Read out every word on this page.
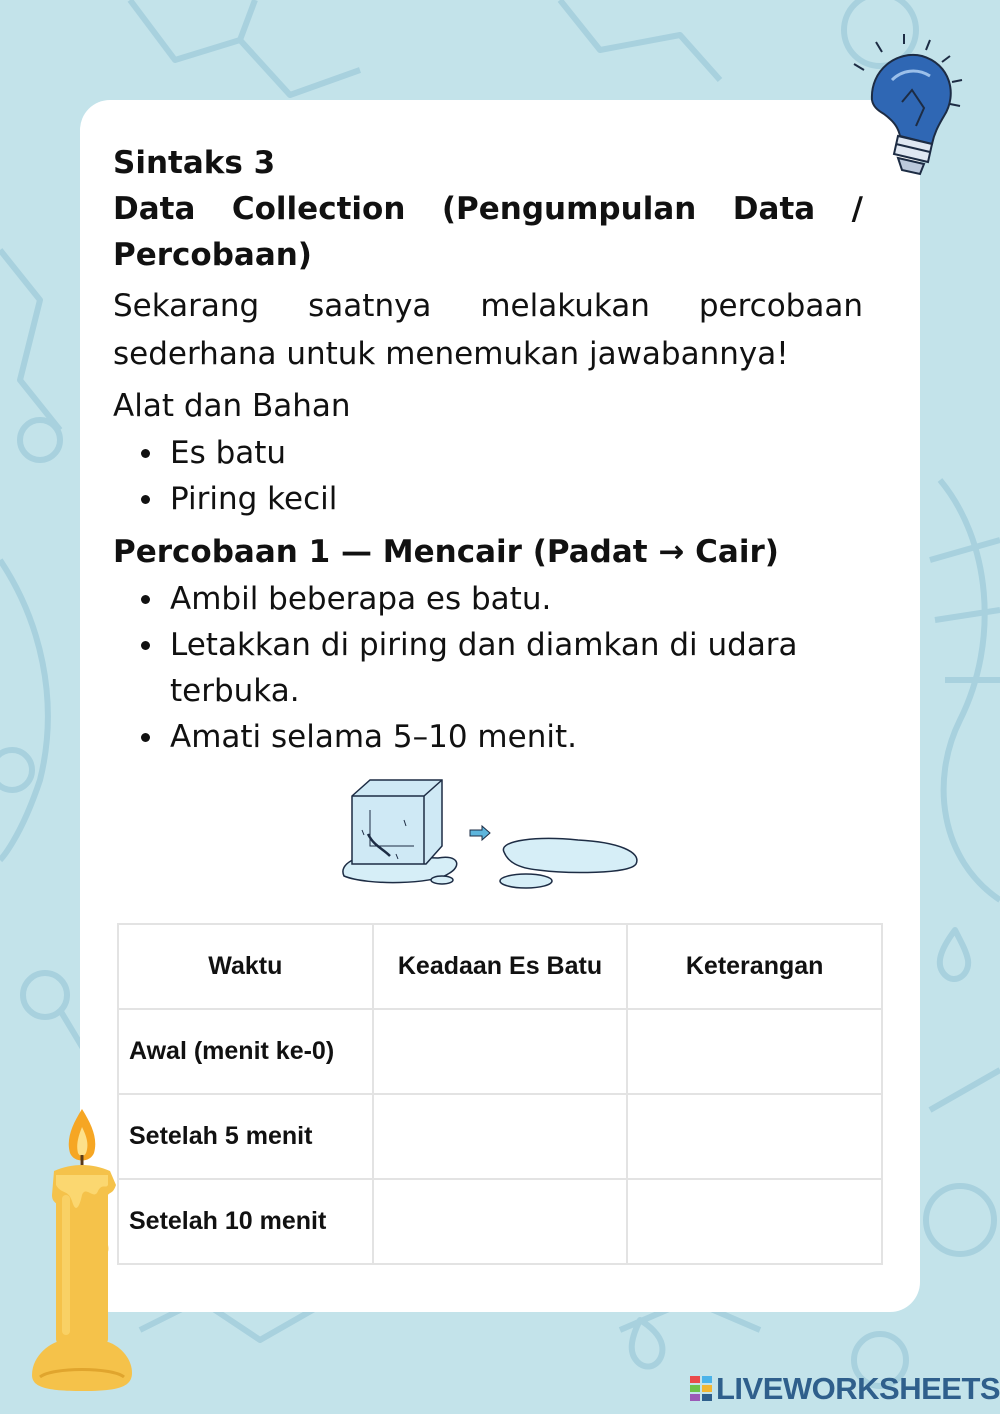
Sintaks 3
Data Collection (Pengumpulan Data / Percobaan)
Sekarang saatnya melakukan percobaan sederhana untuk menemukan jawabannya!
Alat dan Bahan
Es batu
Piring kecil
Percobaan 1 — Mencair (Padat → Cair)
Ambil beberapa es batu.
Letakkan di piring dan diamkan di udara terbuka.
Amati selama 5–10 menit.
Waktu	Keadaan Es Batu	Keterangan
Awal (menit ke-0)		
Setelah 5 menit		
Setelah 10 menit		
LIVEWORKSHEETS
